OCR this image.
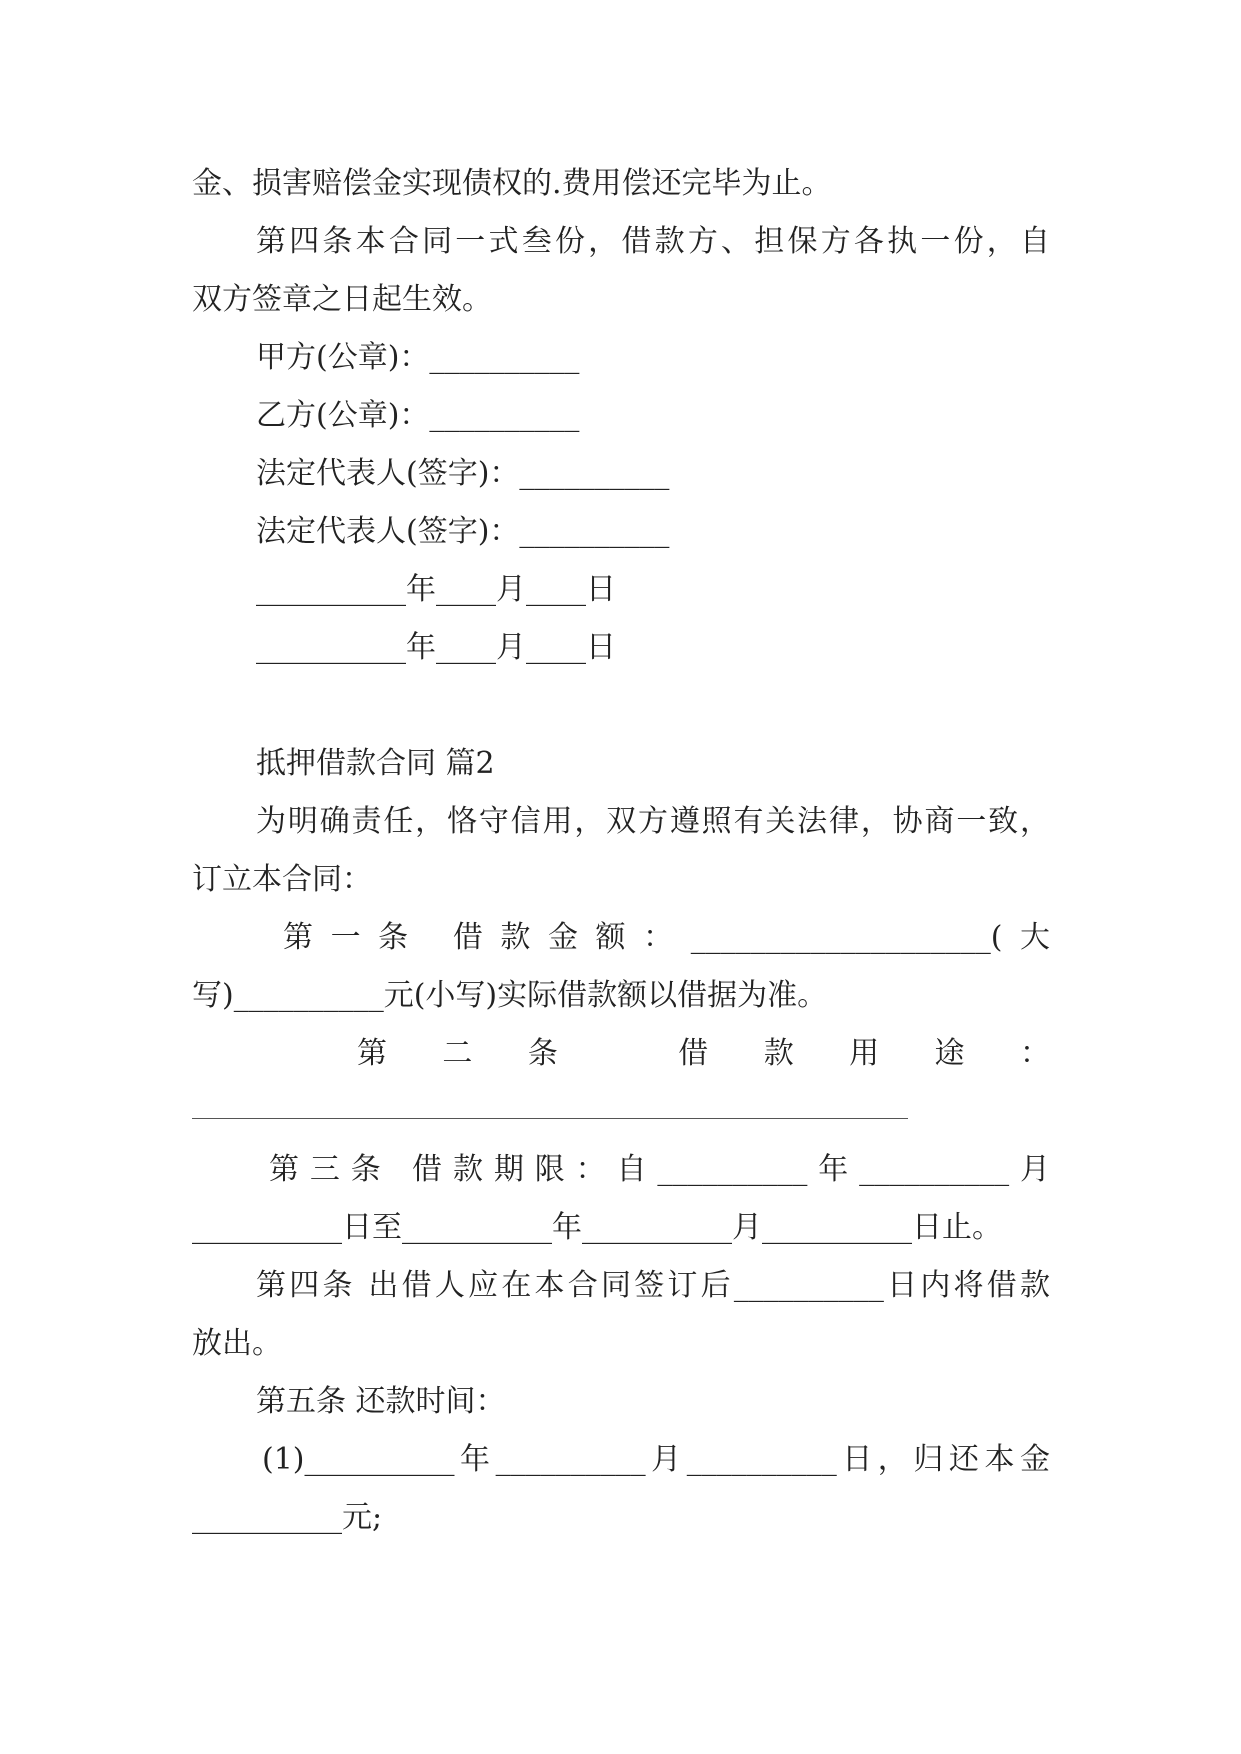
金、损害赔偿金实现债权的.费用偿还完毕为止。
第四条本合同一式叁份，借款方、担保方各执一份，自
双方签章之日起生效。
甲方(公章)：__________
乙方(公章)：__________
法定代表人(签字)：__________
法定代表人(签字)：__________
__________年____月____日
__________年____月____日
抵押借款合同 篇2
为明确责任，恪守信用，双方遵照有关法律，协商一致，
订立本合同：
第一条 借款金额：____________________(大
写)__________元(小写)实际借款额以借据为准。
第二条 借款用途：
第三条 借款期限：自__________年__________月
__________日至__________年__________月__________日止。
第四条 出借人应在本合同签订后__________日内将借款
放出。
第五条 还款时间：
(1)__________年__________月__________日，归还本金
__________元;
